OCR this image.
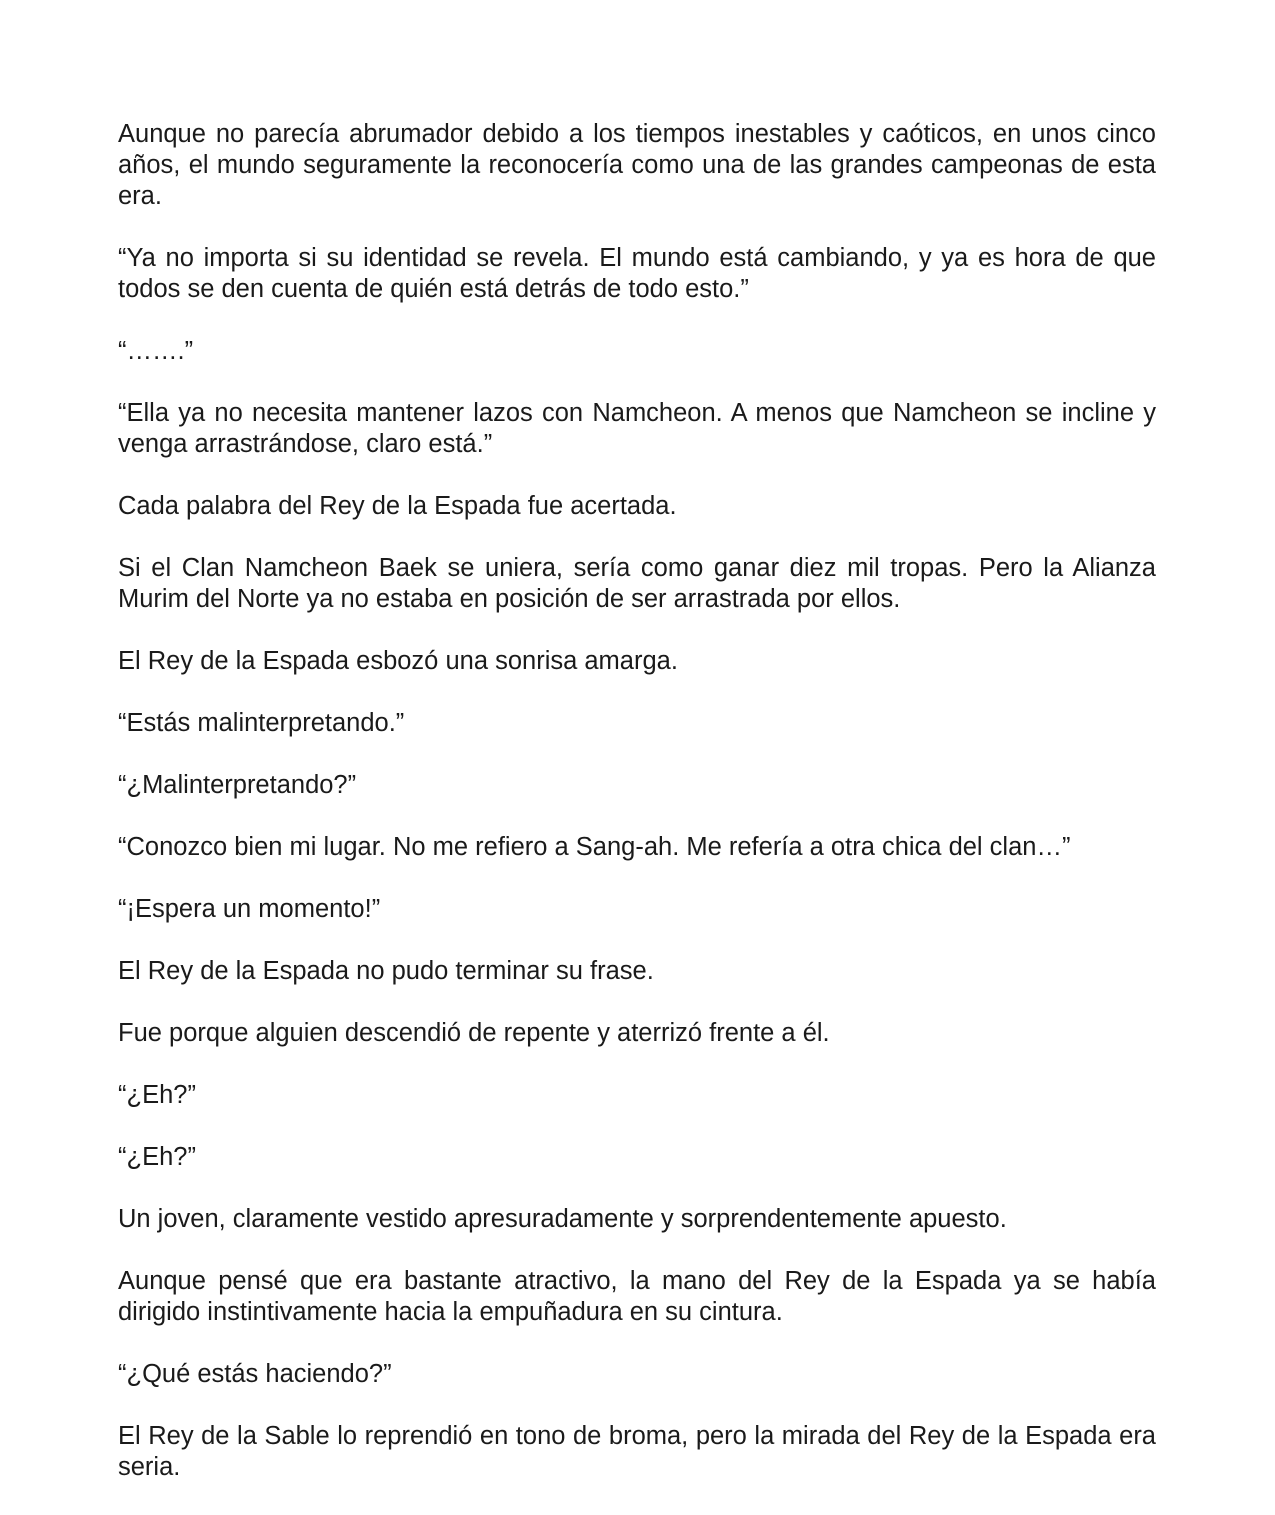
Aunque no parecía abrumador debido a los tiempos inestables y caóticos, en unos cinco años, el mundo seguramente la reconocería como una de las grandes campeonas de esta era.

“Ya no importa si su identidad se revela. El mundo está cambiando, y ya es hora de que todos se den cuenta de quién está detrás de todo esto.”

“…….”

“Ella ya no necesita mantener lazos con Namcheon. A menos que Namcheon se incline y venga arrastrándose, claro está.”

Cada palabra del Rey de la Espada fue acertada.

Si el Clan Namcheon Baek se uniera, sería como ganar diez mil tropas. Pero la Alianza Murim del Norte ya no estaba en posición de ser arrastrada por ellos.

El Rey de la Espada esbozó una sonrisa amarga.

“Estás malinterpretando.”

“¿Malinterpretando?”

“Conozco bien mi lugar. No me refiero a Sang-ah. Me refería a otra chica del clan…”

“¡Espera un momento!”

El Rey de la Espada no pudo terminar su frase.

Fue porque alguien descendió de repente y aterrizó frente a él.

“¿Eh?”

“¿Eh?”

Un joven, claramente vestido apresuradamente y sorprendentemente apuesto.

Aunque pensé que era bastante atractivo, la mano del Rey de la Espada ya se había dirigido instintivamente hacia la empuñadura en su cintura.

“¿Qué estás haciendo?”

El Rey de la Sable lo reprendió en tono de broma, pero la mirada del Rey de la Espada era seria.
